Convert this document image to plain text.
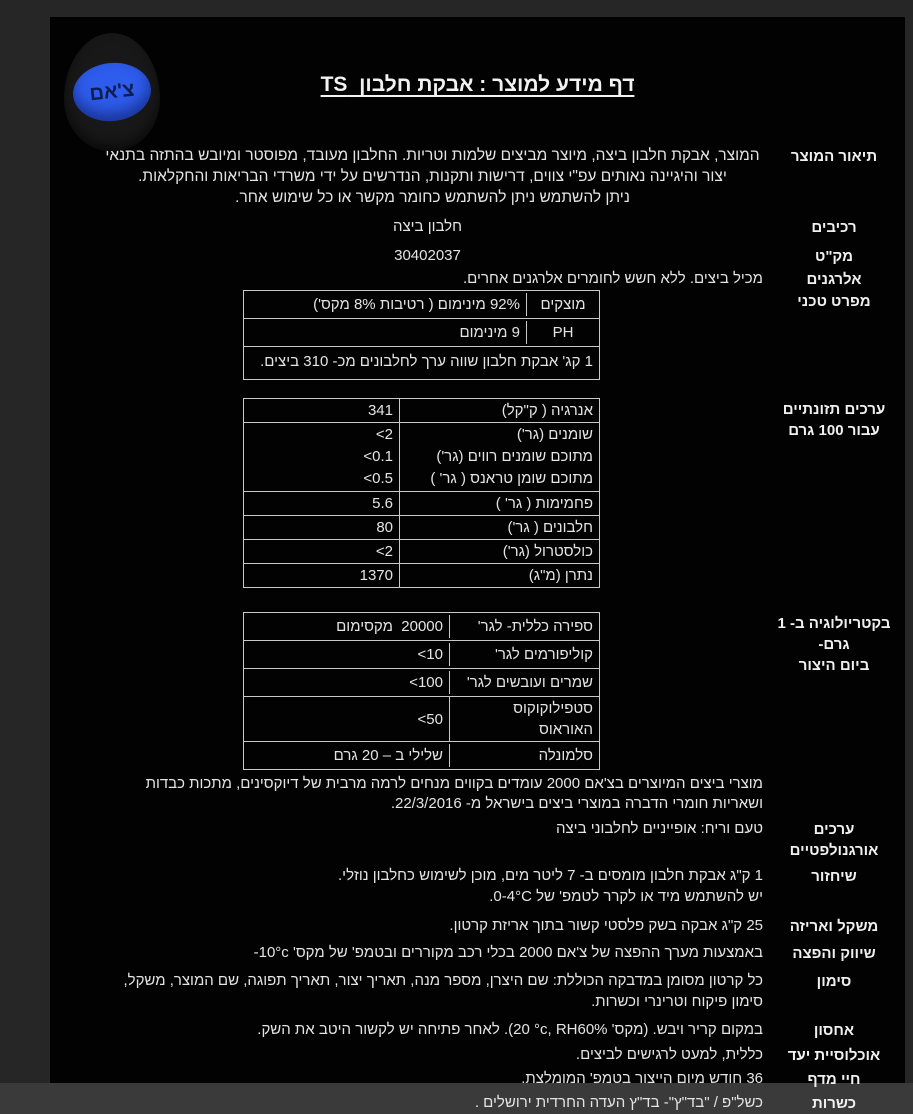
צ'אם	דף מידע למוצר : אבקת חלבון  TS
תיאור המוצר

המוצר, אבקת חלבון ביצה, מיוצר מביצים שלמות וטריות. החלבון מעובד, מפוסטר ומיובש בהתזה בתנאי יצור והיגיינה נאותים עפ"י צווים, דרישות ותקנות, הנדרשים על ידי משרדי הבריאות והחקלאות.

ניתן להשתמש ניתן להשתמש כחומר מקשר או כל שימוש אחר.

רכיבים
חלבון ביצה
מק"ט
30402037
אלרגנים
מכיל ביצים. ללא חשש לחומרים אלרגנים אחרים.
מפרט טכני
מוצקים
92% מינימום ( רטיבות 8% מקס')
PH
9 מינימום
1 קג' אבקת חלבון שווה ערך לחלבונים מכ- 310 ביצים.
ערכים תזונתיים
עבור 100 גרם
אנרגיה ( ק"קל)
341
שומנים (גר')
מתוכם שומנים רווים (גר')
מתוכם שומן טראנס ( גר' )
<2
<0.1
<0.5
פחמימות ( גר' )
5.6
חלבונים ( גר')
80
כולסטרול (גר')
<2
נתרן (מ"ג)
1370
בקטריולוגיה ב- 1 גרם-
ביום היצור
ספירה כללית- לגר'
20000  מקסימום
קוליפורמים לגר'
<10
שמרים ועובשים לגר'
<100
סטפילוקוקוס האוראוס
<50
סלמונלה
שלילי ב – 20 גרם
מוצרי ביצים המיוצרים בצ'אם 2000 עומדים בקווים מנחים לרמה מרבית של דיוקסינים, מתכות כבדות ושאריות חומרי הדברה במוצרי ביצים בישראל מ- 22/3/2016.
ערכים אורגנולפטיים
טעם וריח: אופייניים לחלבוני ביצה
שיחזור
1 ק"ג אבקת חלבון מומסים ב- 7 ליטר מים, מוכן לשימוש כחלבון נוזלי.
יש להשתמש מיד או לקרר לטמפ' של ‎0-4°C‎.
משקל ואריזה
25 ק"ג אבקה בשק פלסטי קשור בתוך אריזת קרטון.
שיווק והפצה
באמצעות מערך ההפצה של צ'אם 2000 בכלי רכב מקוררים ובטמפ' של מקס' ‎-10°c‎
סימון
כל קרטון מסומן במדבקה הכוללת: שם היצרן, מספר מנה, תאריך יצור, תאריך תפוגה, שם המוצר, משקל, סימון פיקוח וטרינרי וכשרות.
אחסון
במקום קריר ויבש. (מקס' ‎20 °c‎, RH60%). לאחר פתיחה יש לקשור היטב את השק.
אוכלוסיית יעד
כללית, למעט לרגישים לביצים.
חיי מדף
36 חודש מיום הייצור בטמפ' המומלצת.
כשרות
כשל"פ / "בד"ץ"- בד"ץ העדה החרדית ירושלים .
